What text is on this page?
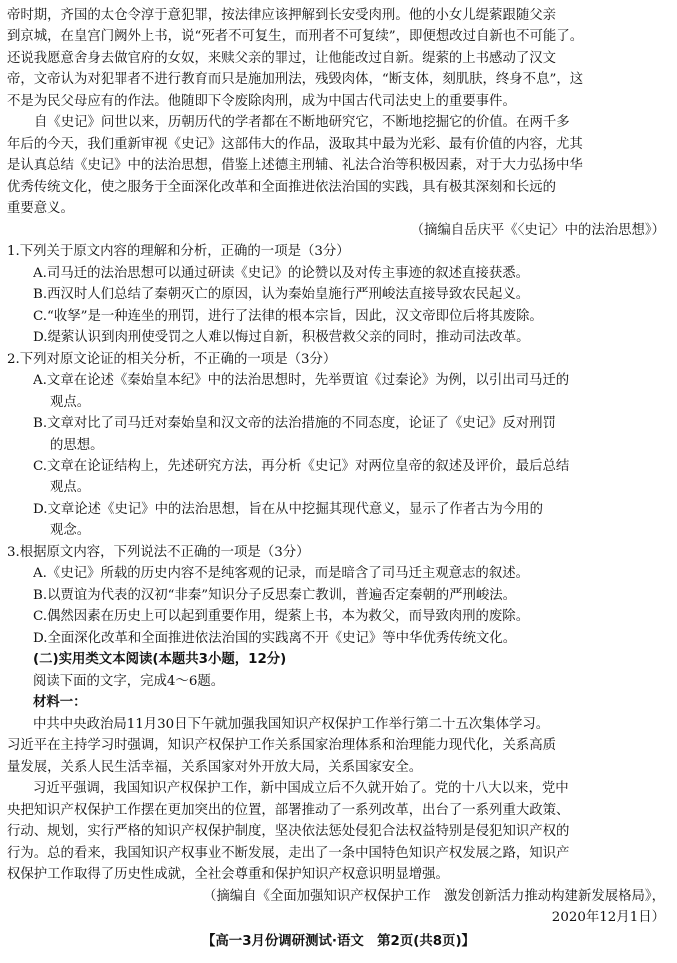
帝时期，齐国的太仓令淳于意犯罪，按法律应该押解到长安受肉刑。他的小女儿缇萦跟随父亲
到京城，在皇宫门阙外上书，说“死者不可复生，而刑者不可复续”，即便想改过自新也不可能了。
还说我愿意舍身去做官府的女奴，来赎父亲的罪过，让他能改过自新。缇萦的上书感动了汉文
帝，文帝认为对犯罪者不进行教育而只是施加刑法，残毁肉体，“断支体，刻肌肤，终身不息”，这
不是为民父母应有的作法。他随即下令废除肉刑，成为中国古代司法史上的重要事件。
自《史记》问世以来，历朝历代的学者都在不断地研究它，不断地挖掘它的价值。在两千多
年后的今天，我们重新审视《史记》这部伟大的作品，汲取其中最为光彩、最有价值的内容，尤其
是认真总结《史记》中的法治思想，借鉴上述德主刑辅、礼法合治等积极因素，对于大力弘扬中华
优秀传统文化，使之服务于全面深化改革和全面推进依法治国的实践，具有极其深刻和长远的
重要意义。
（摘编自岳庆平《〈史记〉中的法治思想》）
1.下列关于原文内容的理解和分析，正确的一项是（3分）
A.司马迁的法治思想可以通过研读《史记》的论赞以及对传主事迹的叙述直接获悉。
B.西汉时人们总结了秦朝灭亡的原因，认为秦始皇施行严刑峻法直接导致农民起义。
C.“收孥”是一种连坐的刑罚，进行了法律的根本宗旨，因此，汉文帝即位后将其废除。
D.缇萦认识到肉刑使受罚之人难以悔过自新，积极营救父亲的同时，推动司法改革。
2.下列对原文论证的相关分析，不正确的一项是（3分）
A.文章在论述《秦始皇本纪》中的法治思想时，先举贾谊《过秦论》为例，以引出司马迁的
观点。
B.文章对比了司马迁对秦始皇和汉文帝的法治措施的不同态度，论证了《史记》反对刑罚
的思想。
C.文章在论证结构上，先述研究方法，再分析《史记》对两位皇帝的叙述及评价，最后总结
观点。
D.文章论述《史记》中的法治思想，旨在从中挖掘其现代意义，显示了作者古为今用的
观念。
3.根据原文内容，下列说法不正确的一项是（3分）
A.《史记》所载的历史内容不是纯客观的记录，而是暗含了司马迁主观意志的叙述。
B.以贾谊为代表的汉初“非秦”知识分子反思秦亡教训，普遍否定秦朝的严刑峻法。
C.偶然因素在历史上可以起到重要作用，缇萦上书，本为救父，而导致肉刑的废除。
D.全面深化改革和全面推进依法治国的实践离不开《史记》等中华优秀传统文化。
(二)实用类文本阅读(本题共3小题，12分)
阅读下面的文字，完成4～6题。
材料一：
中共中央政治局11月30日下午就加强我国知识产权保护工作举行第二十五次集体学习。
习近平在主持学习时强调，知识产权保护工作关系国家治理体系和治理能力现代化，关系高质
量发展，关系人民生活幸福，关系国家对外开放大局，关系国家安全。
习近平强调，我国知识产权保护工作，新中国成立后不久就开始了。党的十八大以来，党中
央把知识产权保护工作摆在更加突出的位置，部署推动了一系列改革，出台了一系列重大政策、
行动、规划，实行严格的知识产权保护制度，坚决依法惩处侵犯合法权益特别是侵犯知识产权的
行为。总的看来，我国知识产权事业不断发展，走出了一条中国特色知识产权发展之路，知识产
权保护工作取得了历史性成就，全社会尊重和保护知识产权意识明显增强。
（摘编自《全面加强知识产权保护工作　激发创新活力推动构建新发展格局》，
2020年12月1日）
【高一3月份调研测试·语文　第2页(共8页)】
